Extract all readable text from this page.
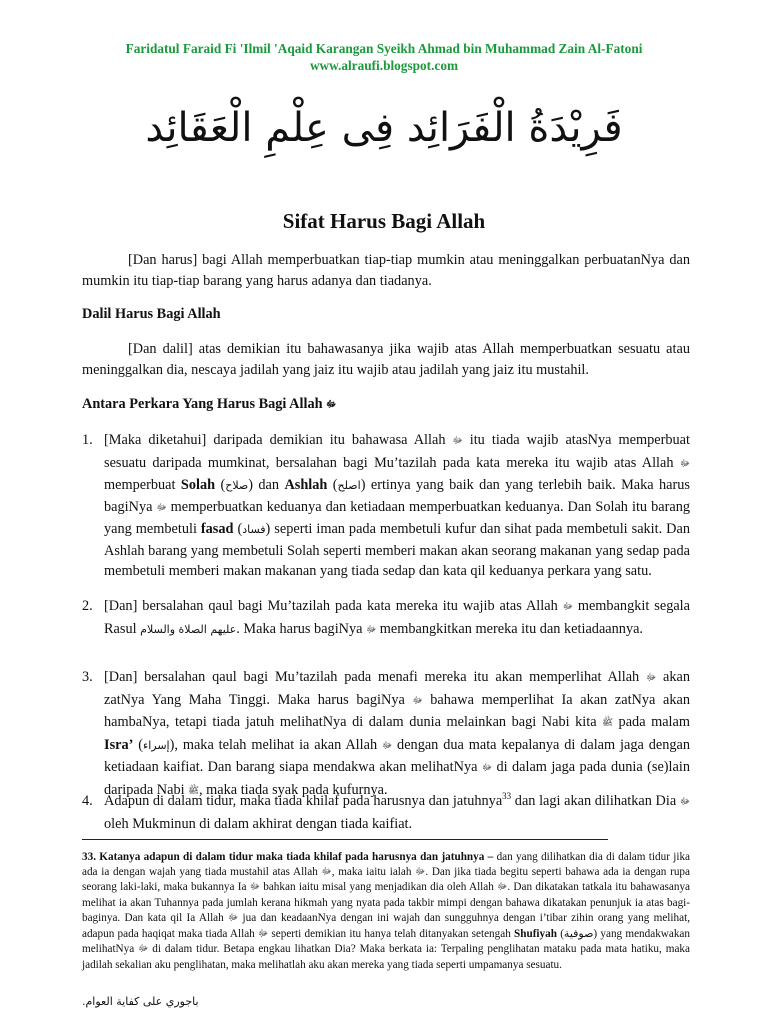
Faridatul Faraid Fi 'Ilmil 'Aqaid Karangan Syeikh Ahmad bin Muhammad Zain Al-Fatoni
www.alraufi.blogspot.com
فَرِيْدَةُ الْفَرَائِد فِى عِلْمِ الْعَقَائِد
Sifat Harus Bagi Allah
[Dan harus] bagi Allah memperbuatkan tiap-tiap mumkin atau meninggalkan perbuatanNya dan mumkin itu tiap-tiap barang yang harus adanya dan tiadanya.
Dalil Harus Bagi Allah
[Dan dalil] atas demikian itu bahawasanya jika wajib atas Allah memperbuatkan sesuatu atau meninggalkan dia, nescaya jadilah yang jaiz itu wajib atau jadilah yang jaiz itu mustahil.
Antara Perkara Yang Harus Bagi Allah ﷻ
1. [Maka diketahui] daripada demikian itu bahawasa Allah ﷻ itu tiada wajib atasNya memperbuat sesuatu daripada mumkinat, bersalahan bagi Mu’tazilah pada kata mereka itu wajib atas Allah ﷻ memperbuat Solah (صلاح) dan Ashlah (اصلح) ertinya yang baik dan yang terlebih baik. Maka harus bagiNya ﷻ memperbuatkan keduanya dan ketiadaan memperbuatkan keduanya. Dan Solah itu barang yang membetuli fasad (فساد) seperti iman pada membetuli kufur dan sihat pada membetuli sakit. Dan Ashlah barang yang membetuli Solah seperti memberi makan akan seorang makanan yang sedap pada membetuli memberi makan makanan yang tiada sedap dan kata qil keduanya perkara yang satu.
2. [Dan] bersalahan qaul bagi Mu’tazilah pada kata mereka itu wajib atas Allah ﷻ membangkit segala Rasul عليهم الصلاة والسلام. Maka harus bagiNya ﷻ membangkitkan mereka itu dan ketiadaannya.
3. [Dan] bersalahan qaul bagi Mu’tazilah pada menafi mereka itu akan memperlihat Allah ﷻ akan zatNya Yang Maha Tinggi. Maka harus bagiNya ﷻ bahawa memperlihat Ia akan zatNya akan hambaNya, tetapi tiada jatuh melihatNya di dalam dunia melainkan bagi Nabi kita ﷺ pada malam Isra’ (إسراء), maka telah melihat ia akan Allah ﷻ dengan dua mata kepalanya di dalam jaga dengan ketiadaan kaifiat. Dan barang siapa mendakwa akan melihatNya ﷻ di dalam jaga pada dunia (se)lain daripada Nabi ﷺ, maka tiada syak pada kufurnya.
4. Adapun di dalam tidur, maka tiada khilaf pada harusnya dan jatuhnya$^{33}$ dan lagi akan dilihatkan Dia ﷻ oleh Mukminun di dalam akhirat dengan tiada kaifiat.
33. Katanya adapun di dalam tidur maka tiada khilaf pada harusnya dan jatuhnya – dan yang dilihatkan dia di dalam tidur jika ada ia dengan wajah yang tiada mustahil atas Allah ﷻ, maka iaitu ialah ﷻ. Dan jika tiada begitu seperti bahawa ada ia dengan rupa seorang laki-laki, maka bukannya Ia ﷻ bahkan iaitu misal yang menjadikan dia oleh Allah ﷻ. Dan dikatakan tatkala itu bahawasanya melihat ia akan Tuhannya pada jumlah kerana hikmah yang nyata pada takbir mimpi dengan bahawa dikatakan penunjuk ia atas bagi-baginya. Dan kata qil Ia Allah ﷻ jua dan keadaanNya dengan ini wajah dan sungguhnya dengan i’tibar zihin orang yang melihat, adapun pada haqiqat maka tiada Allah ﷻ seperti demikian itu hanya telah ditanyakan setengah Shufiyah (صوفية) yang mendakwakan melihatNya ﷻ di dalam tidur. Betapa engkau lihatkan Dia? Maka berkata ia: Terpaling penglihatan mataku pada mata hatiku, maka jadilah sekalian aku penglihatan, maka melihatlah aku akan mereka yang tiada seperti umpamanya sesuatu.
باجوري على كفاية العوام.
